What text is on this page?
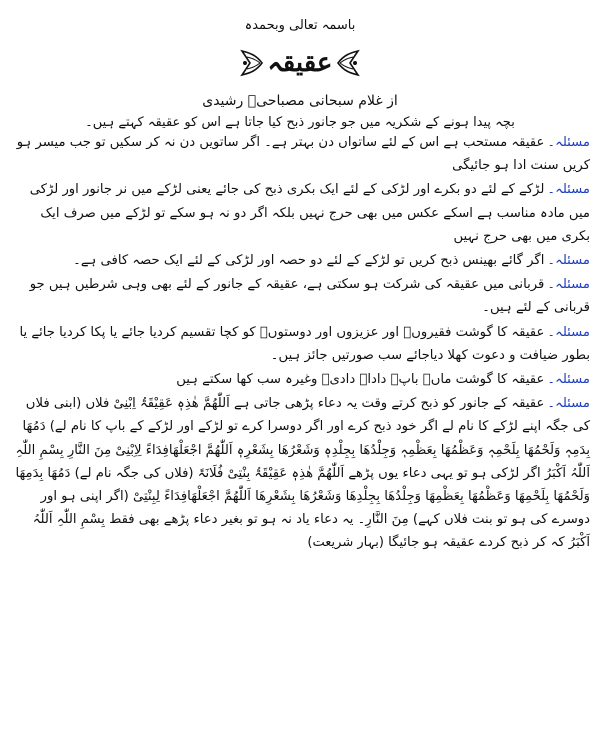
باسمہ تعالی وبحمدہ
عقیقہ
از غلام سبحانی مصباحیؔ رشیدی
بچہ پیدا ہونے کے شکریہ میں جو جانور ذبح کیا جاتا ہے اس کو عقیقہ کہتے ہیں۔

مسئلہ۔عقیقہ مستحب ہے اس کے لئے ساتواں دن بہتر ہے۔ اگر ساتویں دن نہ کر سکیں تو جب میسر ہو کریں سنت ادا ہو جائیگی

مسئلہ۔لڑکے کے لئے دو بکرے اور لڑکی کے لئے ایک بکری ذبح کی جائے یعنی لڑکے میں نر جانور اور لڑکی میں مادہ مناسب ہے اسکے عکس میں بھی حرج نہیں بلکہ اگر دو نہ ہو سکے تو لڑکے میں صرف ایک بکری میں بھی حرج نہیں

مسئلہ۔اگر گائے بھینس ذبح کریں تو لڑکے کے لئے دو حصہ اور لڑکی کے لئے ایک حصہ کافی ہے۔

مسئلہ۔قربانی میں عقیقہ کی شرکت ہو سکتی ہے، عقیقہ کے جانور کے لئے بھی وہی شرطیں ہیں جو قربانی کے لئے ہیں۔

مسئلہ۔عقیقہ کا گوشت فقیروںؔ اور عزیزوں اور دوستوںؔ کو کچا تقسیم کردیا جائے یا پکا کردیا جائے یا بطور ضیافت و دعوت کھلا دیاجائے سب صورتیں جائز ہیں۔

مسئلہ۔عقیقہ کا گوشت ماںؔ باپؔ داداؔ دادیؔ وغیرہ سب کھا سکتے ہیں

مسئلہ۔عقیقہ کے جانور کو ذبح کرتے وقت یہ دعاء پڑھی جاتی ہے اَللّٰھُمَّ ھٰذِہٖ عَقِیْقَۃُ اِبْنِیْ فلاں (ابنی فلاں کی جگہ اپنے لڑکے کا نام لے اگر خود ذبح کرے اور اگر دوسرا کرے تو لڑکے اور لڑکے کے باپ کا نام لے) دَمُھَا بِدَمِہٖ وَلَحْمُھَا بِلَحْمِہٖ وَعَظْمُھَا بِعَظْمِہٖ وَجِلْدُھَا بِجِلْدِہٖ وَشَعْرُھَا بِشَعْرِہٖ اَللّٰھُمَّ اجْعَلْھَافِدَاءً لِاِبْنِیْ مِنَ النَّارِ بِسْمِ اللّٰہِ اَللّٰہُ اَکْبَرُ اگر لڑکی ہو تو یہی دعاء یوں پڑھے اَللّٰھُمَّ ھٰذِہٖ عَقِیْقَۃُ بِنْتِیْ فُلَانَۃَ (فلاں کی جگہ نام لے) دَمُھَا بِدَمِھَا وَلَحْمُھَا بِلَحْمِھَا وَعَظْمُھَا بِعَظْمِھَا وَجِلْدُھَا بِجِلْدِھَا وَشَعْرُھَا بِشَعْرِھَا اَللّٰھُمَّ اجْعَلْھَافِدَاءً لِبِنْتِیْ (اگر اپنی ہو اور دوسرے کی ہو تو بنت فلاں کہے) مِنَ النَّارِ۔ یہ دعاء یاد نہ ہو تو بغیر دعاء پڑھے بھی فقط بِسْمِ اللّٰہِ اَللّٰہُ اَکْبَرُ کہ کر ذبح کردے عقیقہ ہو جائیگا (بہار شریعت)
